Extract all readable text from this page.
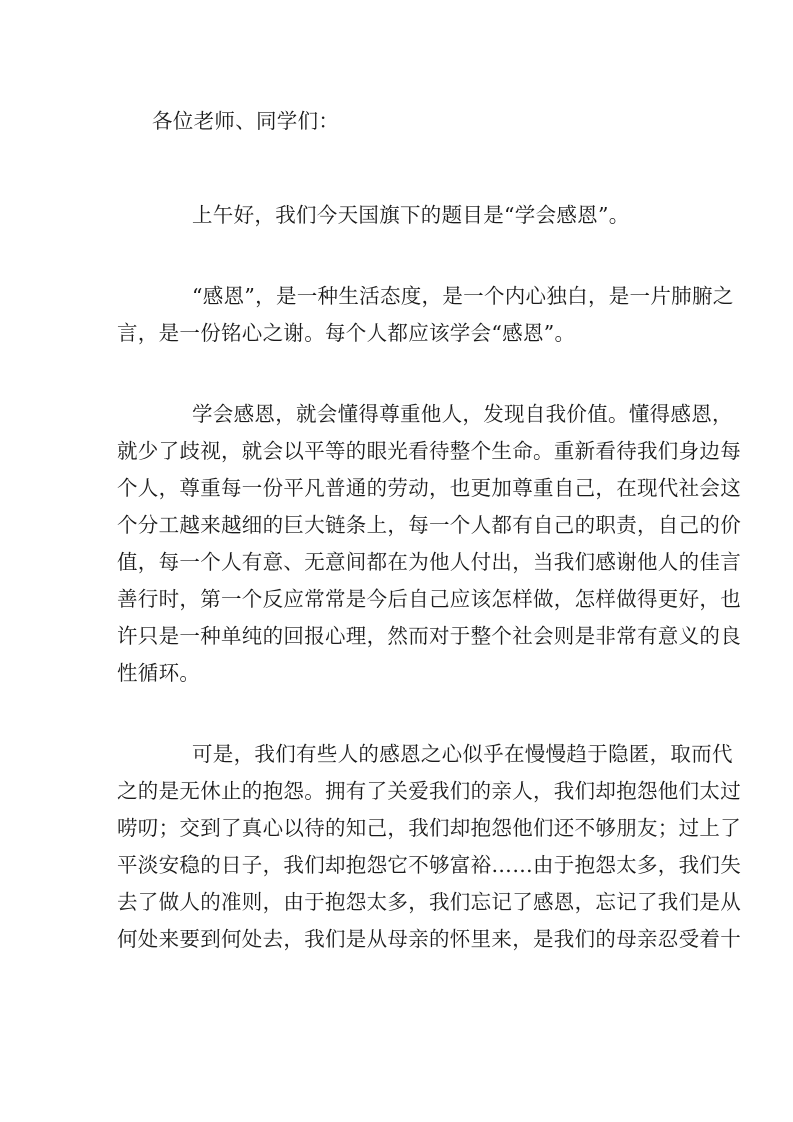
各位老师、同学们：

上午好，我们今天国旗下的题目是“学会感恩”。

“感恩”，是一种生活态度，是一个内心独白，是一片肺腑之
言，是一份铭心之谢。每个人都应该学会“感恩”。

学会感恩，就会懂得尊重他人，发现自我价值。懂得感恩，
就少了歧视，就会以平等的眼光看待整个生命。重新看待我们身边每
个人，尊重每一份平凡普通的劳动，也更加尊重自己，在现代社会这
个分工越来越细的巨大链条上，每一个人都有自己的职责，自己的价
值，每一个人有意、无意间都在为他人付出，当我们感谢他人的佳言
善行时，第一个反应常常是今后自己应该怎样做，怎样做得更好，也
许只是一种单纯的回报心理，然而对于整个社会则是非常有意义的良
性循环。

可是，我们有些人的感恩之心似乎在慢慢趋于隐匿，取而代
之的是无休止的抱怨。拥有了关爱我们的亲人，我们却抱怨他们太过
唠叨；交到了真心以待的知己，我们却抱怨他们还不够朋友；过上了
平淡安稳的日子，我们却抱怨它不够富裕……由于抱怨太多，我们失
去了做人的准则，由于抱怨太多，我们忘记了感恩，忘记了我们是从
何处来要到何处去，我们是从母亲的怀里来，是我们的母亲忍受着十
